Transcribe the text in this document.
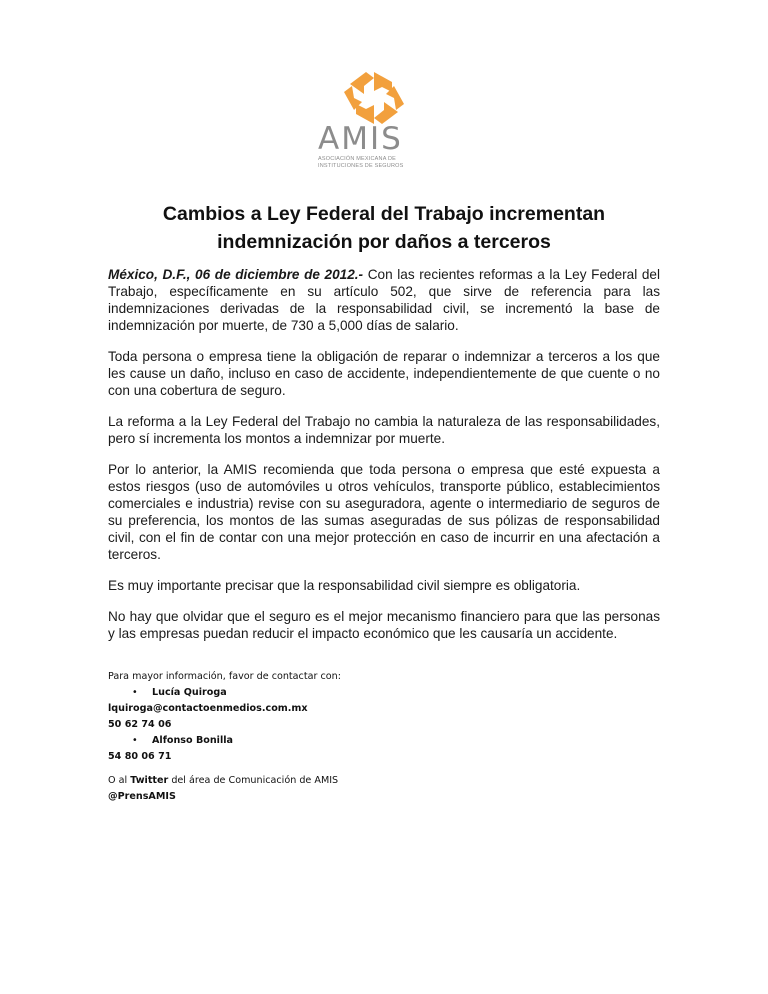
AMIS
ASOCIACIÓN MEXICANA DE
INSTITUCIONES DE SEGUROS
Cambios a Ley Federal del Trabajo incrementan
indemnización por daños a terceros

México, D.F., 06 de diciembre de 2012.- Con las recientes reformas a la Ley Federal del Trabajo, específicamente en su artículo 502, que sirve de referencia para las indemnizaciones derivadas de la responsabilidad civil, se incrementó la base de indemnización por muerte, de 730 a 5,000 días de salario.

Toda persona o empresa tiene la obligación de reparar o indemnizar a terceros a los que les cause un daño, incluso en caso de accidente, independientemente de que cuente o no con una cobertura de seguro.

La reforma a la Ley Federal del Trabajo no cambia la naturaleza de las responsabilidades, pero sí incrementa los montos a indemnizar por muerte.

Por lo anterior, la AMIS recomienda que toda persona o empresa que esté expuesta a estos riesgos (uso de automóviles u otros vehículos, transporte público, establecimientos comerciales e industria) revise con su aseguradora, agente o intermediario de seguros de su preferencia, los montos de las sumas aseguradas de sus pólizas de responsabilidad civil, con el fin de contar con una mejor protección en caso de incurrir en una afectación a terceros.

Es muy importante precisar que la responsabilidad civil siempre es obligatoria.

No hay que olvidar que el seguro es el mejor mecanismo financiero para que las personas y las empresas puedan reducir el impacto económico que les causaría un accidente.

Para mayor información, favor de contactar con:
• Lucía Quiroga
lquiroga@contactoenmedios.com.mx
50 62 74 06
• Alfonso Bonilla
54 80 06 71
O al Twitter del área de Comunicación de AMIS
@PrensAMIS
